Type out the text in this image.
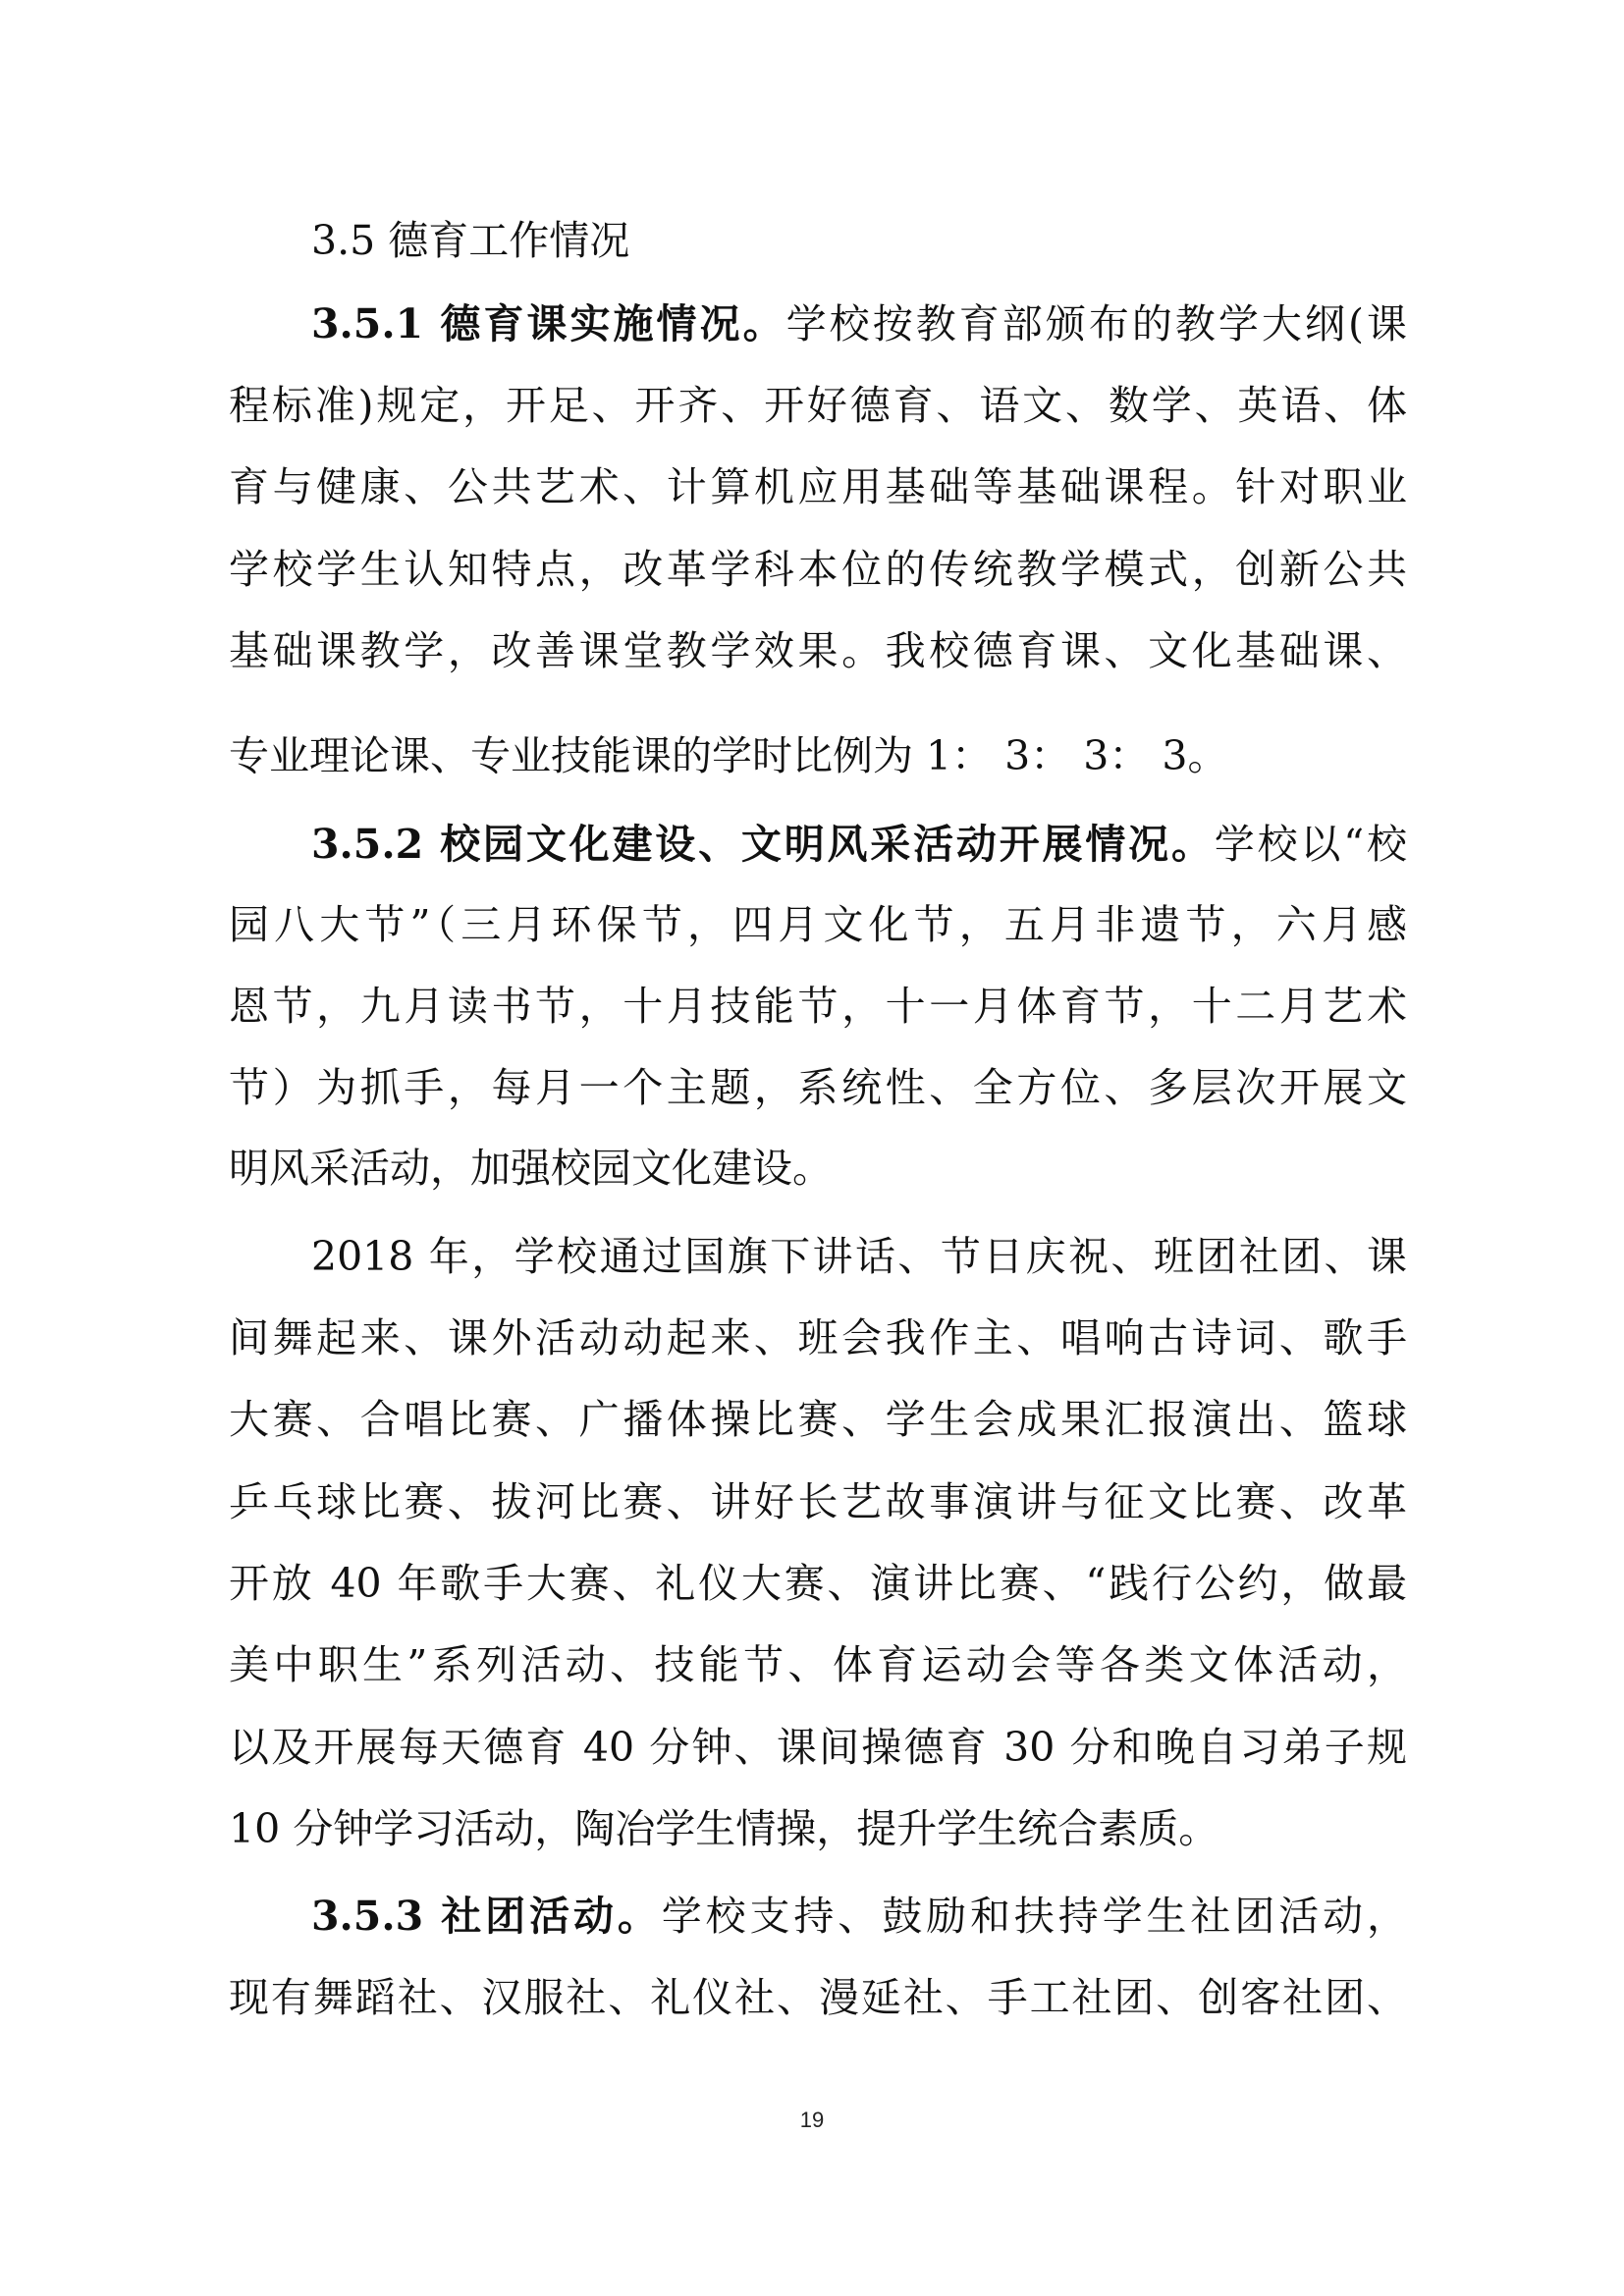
3.5 德育工作情况
3.5.1 德育课实施情况。学校按教育部颁布的教学大纲(课
程标准)规定，开足、开齐、开好德育、语文、数学、英语、体
育与健康、公共艺术、计算机应用基础等基础课程。针对职业
学校学生认知特点，改革学科本位的传统教学模式，创新公共
基础课教学，改善课堂教学效果。我校德育课、文化基础课、
专业理论课、专业技能课的学时比例为 1： 3： 3： 3。
3.5.2 校园文化建设、文明风采活动开展情况。学校以“校
园八大节”（三月环保节，四月文化节，五月非遗节，六月感
恩节，九月读书节，十月技能节，十一月体育节，十二月艺术
节）为抓手，每月一个主题，系统性、全方位、多层次开展文
明风采活动，加强校园文化建设。
2018 年，学校通过国旗下讲话、节日庆祝、班团社团、课
间舞起来、课外活动动起来、班会我作主、唱响古诗词、歌手
大赛、合唱比赛、广播体操比赛、学生会成果汇报演出、篮球
乒乓球比赛、拔河比赛、讲好长艺故事演讲与征文比赛、改革
开放 40 年歌手大赛、礼仪大赛、演讲比赛、“践行公约，做最
美中职生”系列活动、技能节、体育运动会等各类文体活动，
以及开展每天德育 40 分钟、课间操德育 30 分和晚自习弟子规
10 分钟学习活动，陶冶学生情操，提升学生统合素质。
3.5.3 社团活动。学校支持、鼓励和扶持学生社团活动，
现有舞蹈社、汉服社、礼仪社、漫延社、手工社团、创客社团、
19
